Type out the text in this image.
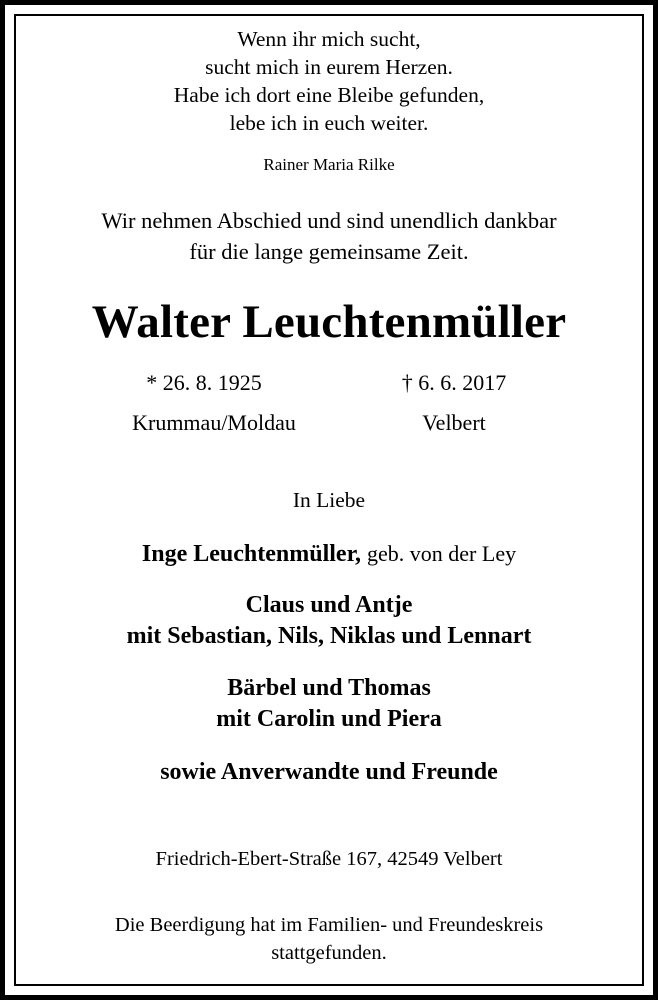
Wenn ihr mich sucht,
sucht mich in eurem Herzen.
Habe ich dort eine Bleibe gefunden,
lebe ich in euch weiter.
Rainer Maria Rilke
Wir nehmen Abschied und sind unendlich dankbar
für die lange gemeinsame Zeit.
Walter Leuchtenmüller
* 26. 8. 1925	† 6. 6. 2017
Krummau/Moldau	Velbert
In Liebe
Inge Leuchtenmüller, geb. von der Ley
Claus und Antje
mit Sebastian, Nils, Niklas und Lennart
Bärbel und Thomas
mit Carolin und Piera
sowie Anverwandte und Freunde
Friedrich-Ebert-Straße 167, 42549 Velbert
Die Beerdigung hat im Familien- und Freundeskreis
stattgefunden.
